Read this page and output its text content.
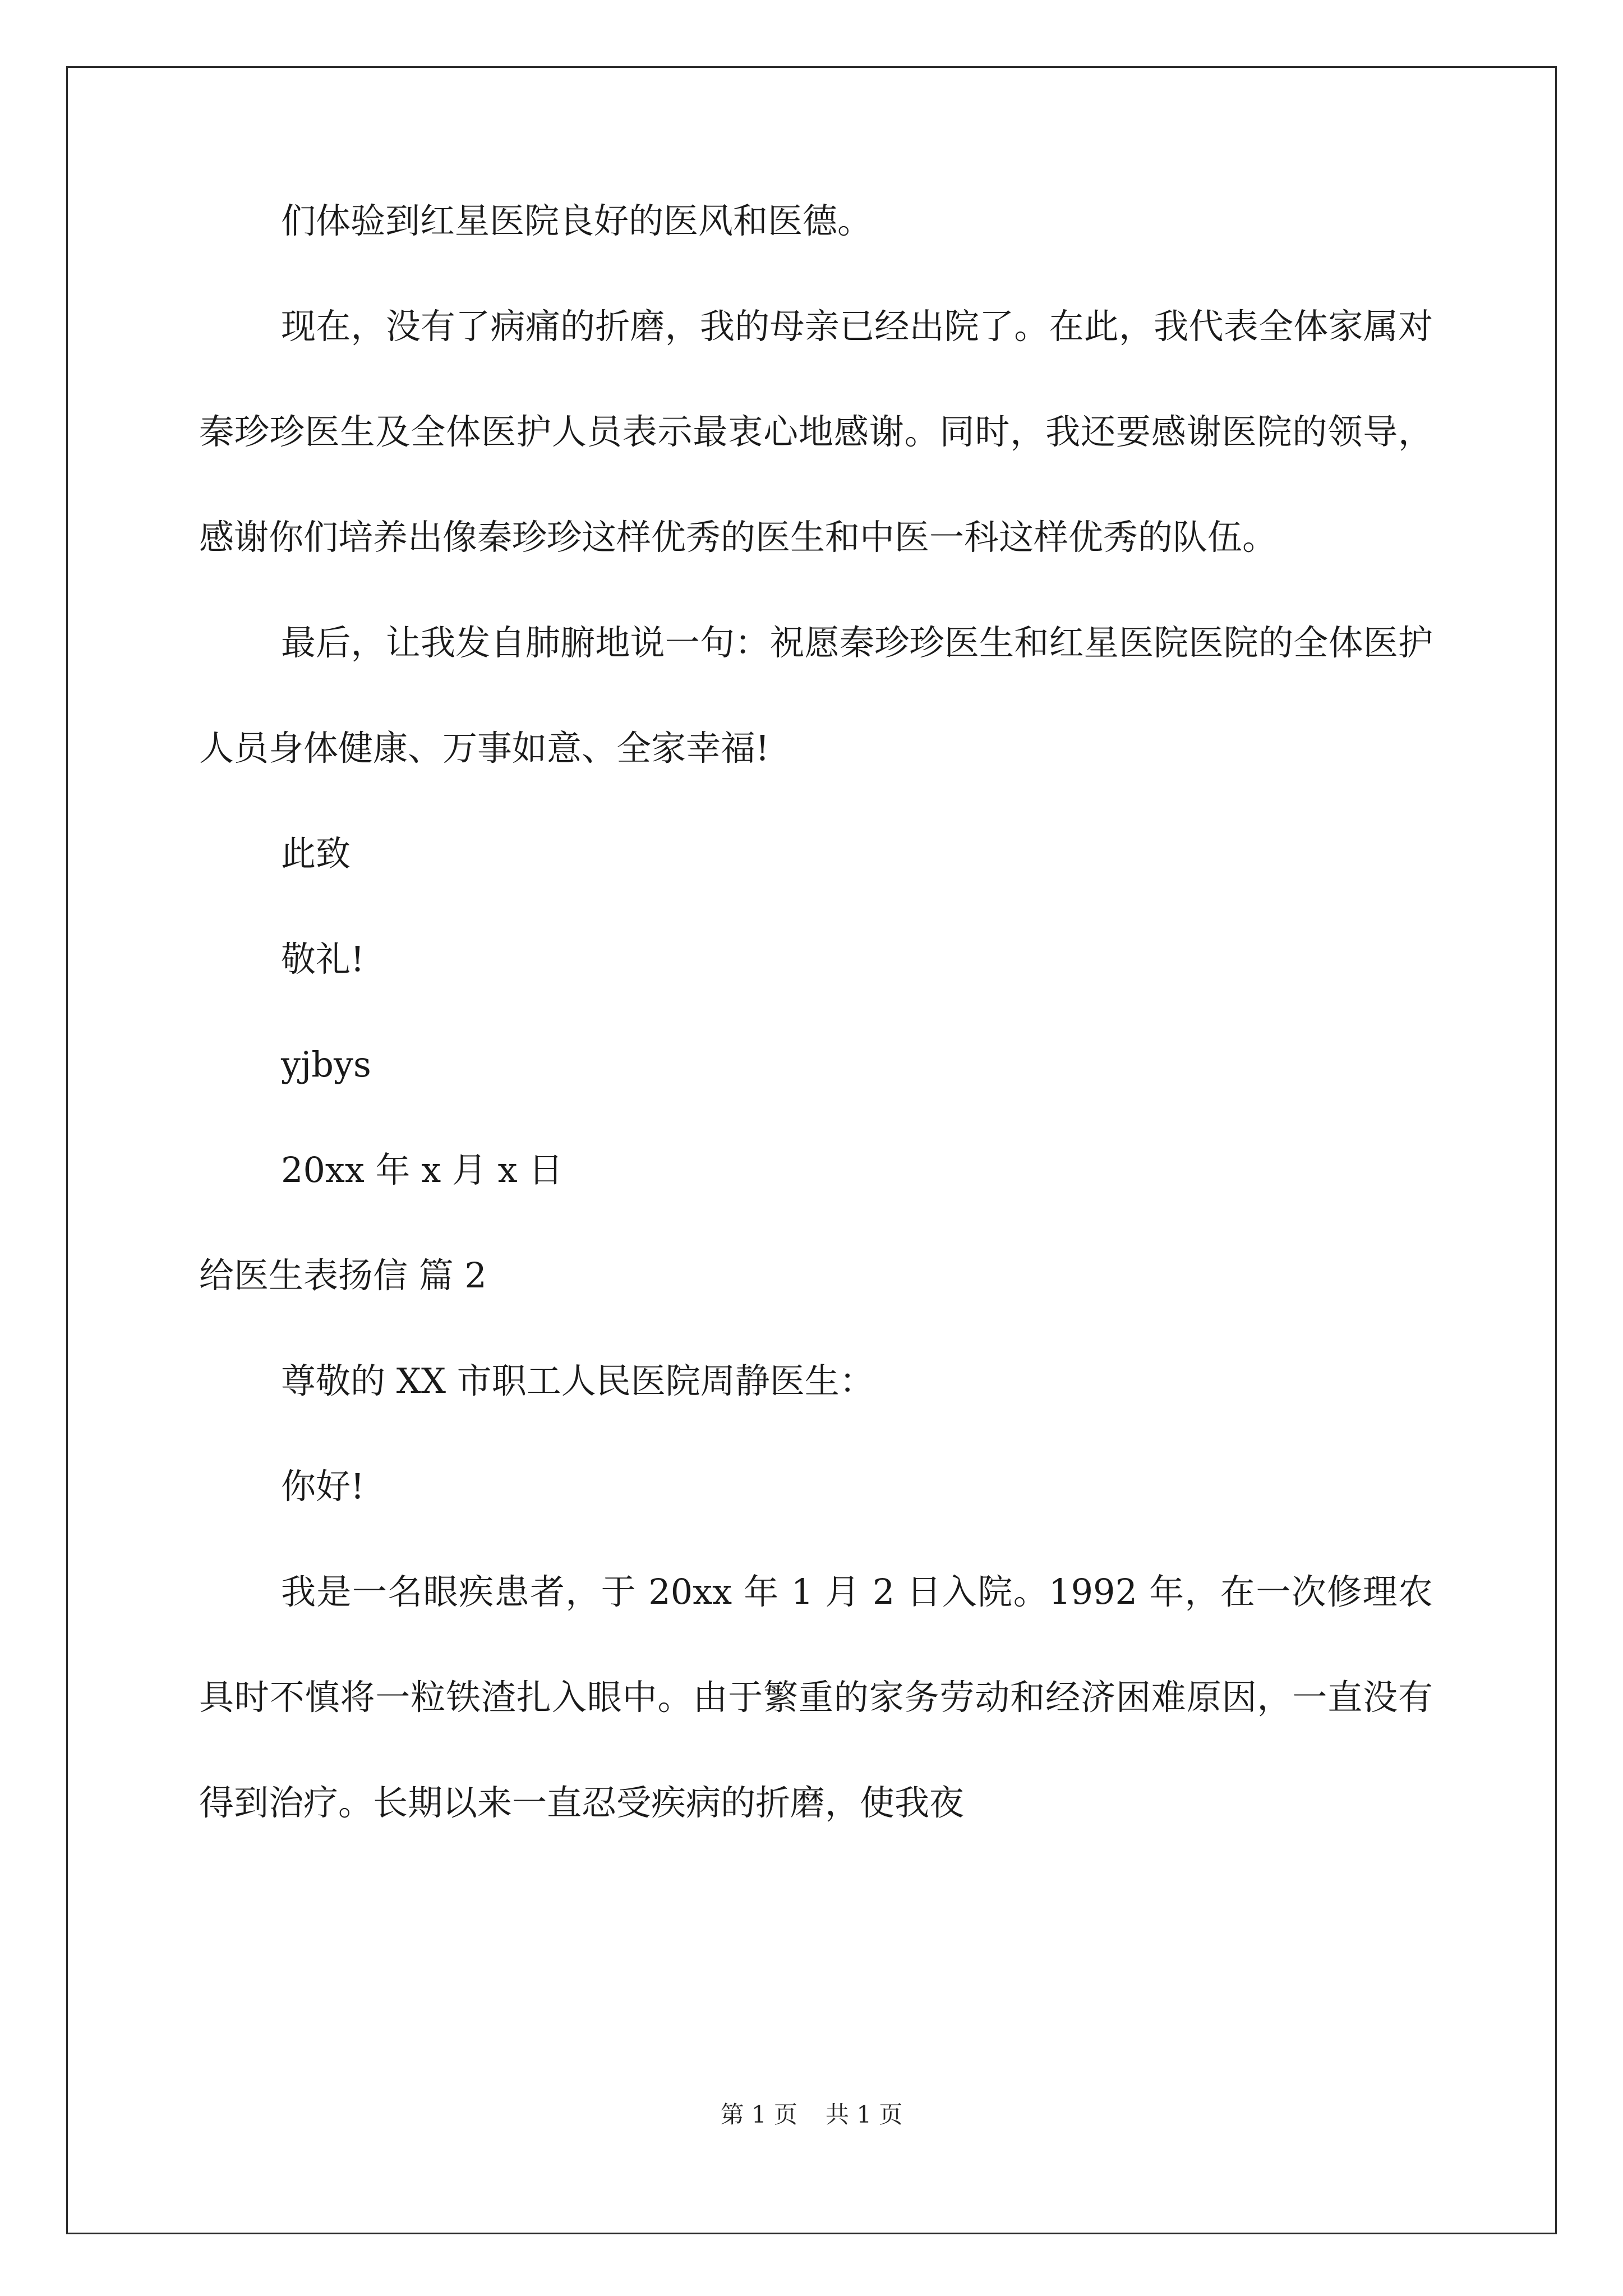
们体验到红星医院良好的医风和医德。

现在，没有了病痛的折磨，我的母亲已经出院了。在此，我代表全体家属对秦珍珍医生及全体医护人员表示最衷心地感谢。同时，我还要感谢医院的领导，感谢你们培养出像秦珍珍这样优秀的医生和中医一科这样优秀的队伍。

最后，让我发自肺腑地说一句：祝愿秦珍珍医生和红星医院医院的全体医护人员身体健康、万事如意、全家幸福!

此致

敬礼!

yjbys

20xx 年 x 月 x 日

给医生表扬信 篇 2

尊敬的 XX 市职工人民医院周静医生：

你好!

我是一名眼疾患者，于 20xx 年 1 月 2 日入院。1992 年，在一次修理农具时不慎将一粒铁渣扎入眼中。由于繁重的家务劳动和经济困难原因，一直没有得到治疗。长期以来一直忍受疾病的折磨，使我夜

第 1 页 共 1 页
